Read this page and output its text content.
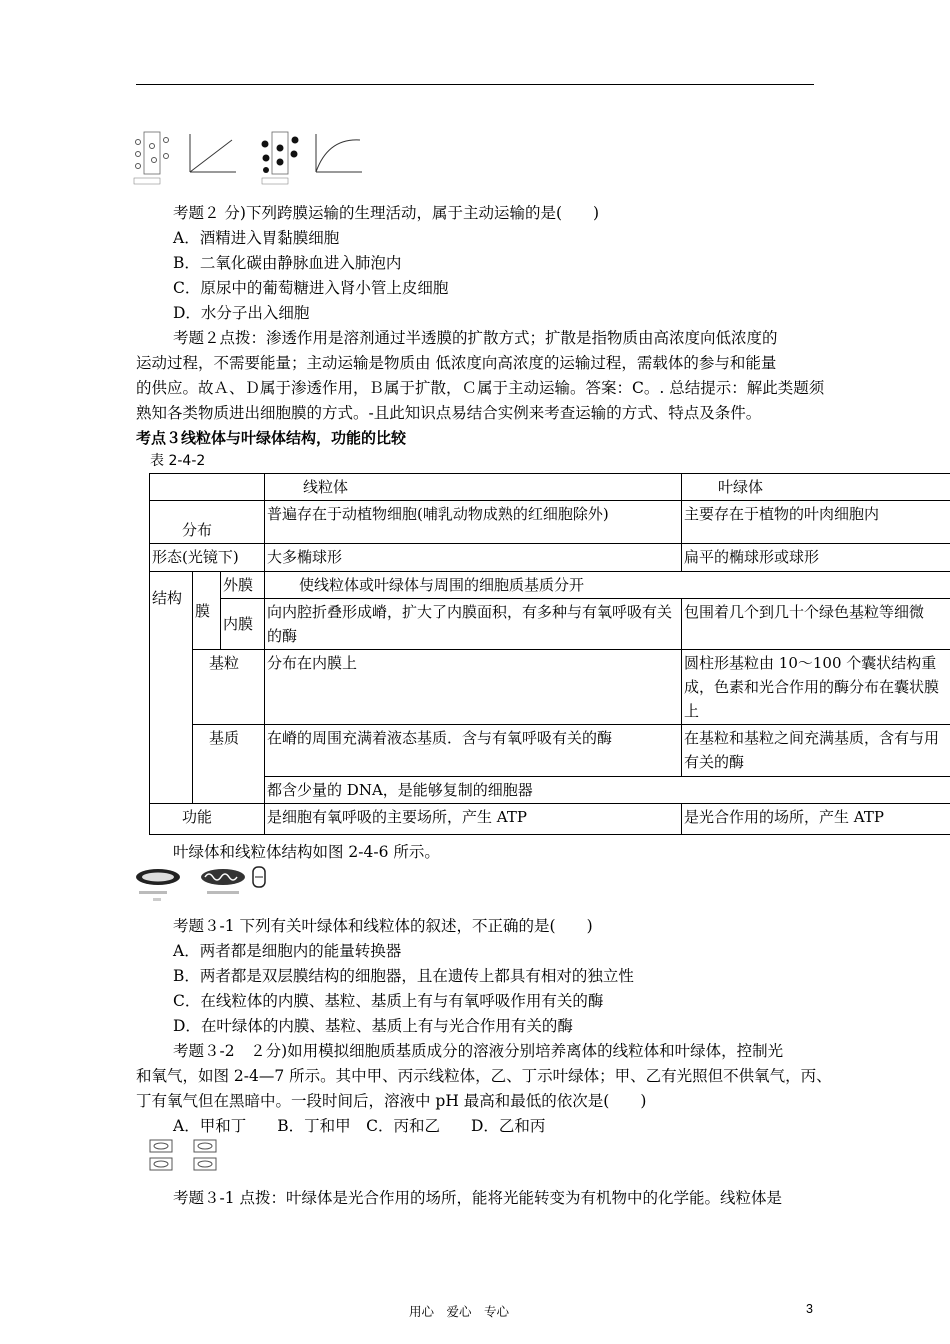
考题２ 分)下列跨膜运输的生理活动，属于主动运输的是(　　)
A．酒精进入胃黏膜细胞
B．二氧化碳由静脉血进入肺泡内
C．原尿中的葡萄糖进入肾小管上皮细胞
D．水分子出入细胞
考题２点拨：渗透作用是溶剂通过半透膜的扩散方式；扩散是指物质由高浓度向低浓度的
运动过程，不需要能量；主动运输是物质由 低浓度向高浓度的运输过程，需载体的参与和能量
的供应。故Ａ、Ｄ属于渗透作用，Ｂ属于扩散，Ｃ属于主动运输。答案：C。. 总结提示：解此类题须
熟知各类物质进出细胞膜的方式。-且此知识点易结合实例来考查运输的方式、特点及条件。
考点３线粒体与叶绿体结构，功能的比较
表 2-4-2
			线粒体	叶绿体
分布			普遍存在于动植物细胞(哺乳动物成熟的红细胞除外)	主要存在于植物的叶肉细胞内
形态(光镜下)			大多椭球形	扁平的椭球形或球形
结构	膜	外膜	使线粒体或叶绿体与周围的细胞质基质分开	
		内膜	向内腔折叠形成嵴，扩大了内膜面积，有多种与有氧呼吸有关的酶	包围着几个到几十个绿色基粒等细微
	基粒		分布在内膜上	圆柱形基粒由 10～100 个囊状结构重成，色素和光合作用的酶分布在囊状膜上
	基质		在嵴的周围充满着液态基质．含与有氧呼吸有关的酶	在基粒和基粒之间充满基质，含有与用有关的酶
			都含少量的 DNA，是能够复制的细胞器	
功能			是细胞有氧呼吸的主要场所，产生 ATP	是光合作用的场所，产生 ATP
叶绿体和线粒体结构如图 2-4-6 所示。
考题３-1 下列有关叶绿体和线粒体的叙述，不正确的是(　　)
A．两者都是细胞内的能量转换器
B．两者都是双层膜结构的细胞器，且在遗传上都具有相对的独立性
C．在线粒体的内膜、基粒、基质上有与有氧呼吸作用有关的酶
D．在叶绿体的内膜、基粒、基质上有与光合作用有关的酶
考题３-2　２分)如用模拟细胞质基质成分的溶液分别培养离体的线粒体和叶绿体，控制光
和氧气，如图 2-4—7 所示。其中甲、丙示线粒体，乙、丁示叶绿体；甲、乙有光照但不供氧气，丙、
丁有氧气但在黑暗中。一段时间后，溶液中 pH 最高和最低的依次是(　　)
A．甲和丁　　B．丁和甲　C．丙和乙　　D．乙和丙
考题３-1 点拨：叶绿体是光合作用的场所，能将光能转变为有机物中的化学能。线粒体是
用心　爱心　专心	3
